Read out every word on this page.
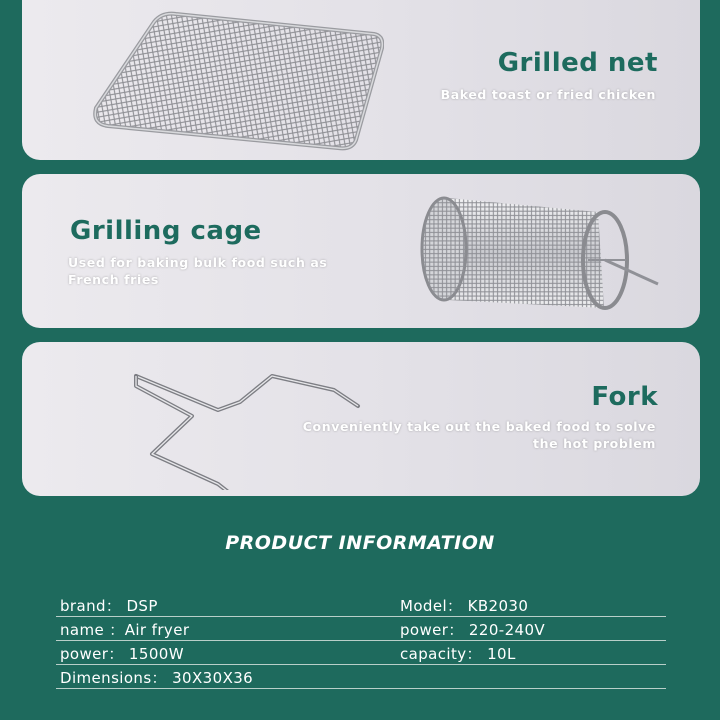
Grilled net
Baked toast or fried chicken
Grilling cage
Used for baking bulk food such as French fries
Fork
Conveniently take out the baked food to solve the hot problem
PRODUCT INFORMATION
brand： DSP	Model： KB2030
name ：Air fryer	power： 220-240V
power： 1500W	capacity： 10L
Dimensions： 30X30X36
